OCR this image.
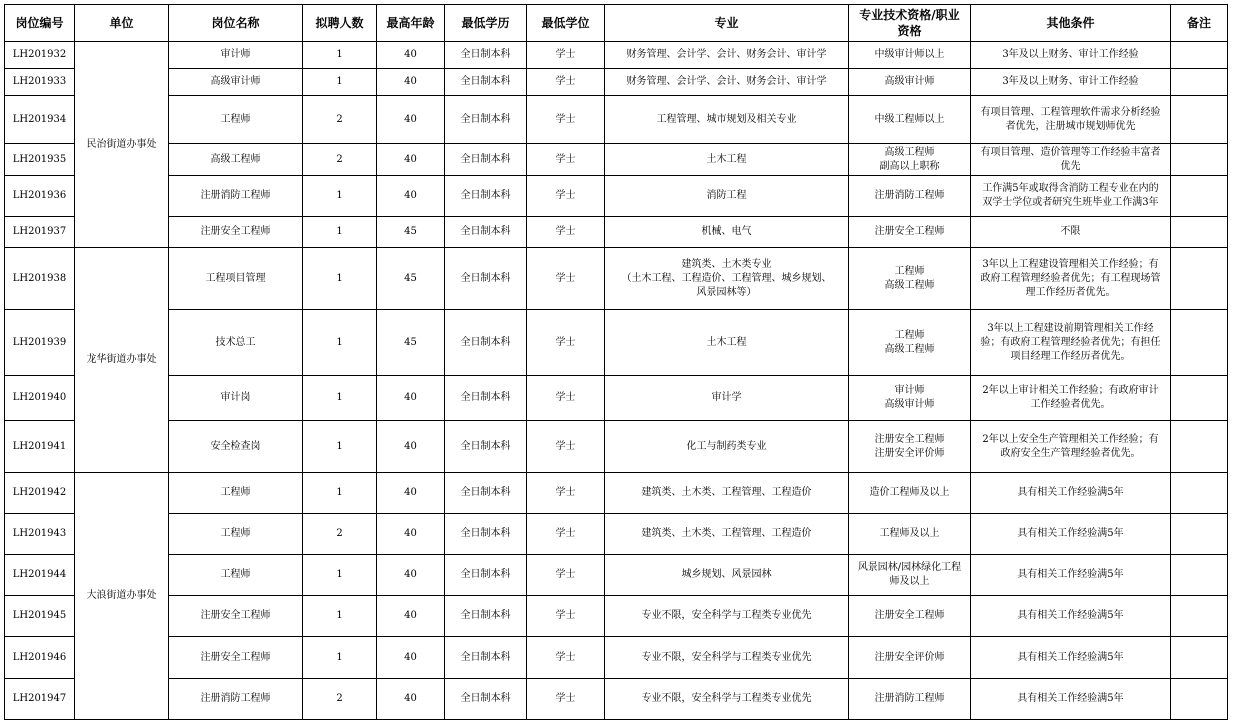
岗位编号	单位	岗位名称	拟聘人数	最高年龄	最低学历	最低学位	专业	专业技术资格/职业
资格	其他条件	备注
LH201932	民治街道办事处	审计师	1	40	全日制本科	学士	财务管理、会计学、会计、财务会计、审计学	中级审计师以上	3年及以上财务、审计工作经验	
LH201933		高级审计师	1	40	全日制本科	学士	财务管理、会计学、会计、财务会计、审计学	高级审计师	3年及以上财务、审计工作经验	
LH201934		工程师	2	40	全日制本科	学士	工程管理、城市规划及相关专业	中级工程师以上	有项目管理、工程管理软件需求分析经验
者优先，注册城市规划师优先	
LH201935		高级工程师	2	40	全日制本科	学士	土木工程	高级工程师
副高以上职称	有项目管理、造价管理等工作经验丰富者
优先	
LH201936		注册消防工程师	1	40	全日制本科	学士	消防工程	注册消防工程师	工作满5年或取得含消防工程专业在内的
双学士学位或者研究生班毕业工作满3年	
LH201937		注册安全工程师	1	45	全日制本科	学士	机械、电气	注册安全工程师	不限	
LH201938	龙华街道办事处	工程项目管理	1	45	全日制本科	学士	建筑类、土木类专业
（土木工程、工程造价、工程管理、城乡规划、
风景园林等）	工程师
高级工程师	3年以上工程建设管理相关工作经验；有
政府工程管理经验者优先；有工程现场管
理工作经历者优先。	
LH201939		技术总工	1	45	全日制本科	学士	土木工程	工程师
高级工程师	3年以上工程建设前期管理相关工作经
验；有政府工程管理经验者优先；有担任
项目经理工作经历者优先。	
LH201940		审计岗	1	40	全日制本科	学士	审计学	审计师
高级审计师	2年以上审计相关工作经验；有政府审计
工作经验者优先。	
LH201941		安全检查岗	1	40	全日制本科	学士	化工与制药类专业	注册安全工程师
注册安全评价师	2年以上安全生产管理相关工作经验；有
政府安全生产管理经验者优先。	
LH201942	大浪街道办事处	工程师	1	40	全日制本科	学士	建筑类、土木类、工程管理、工程造价	造价工程师及以上	具有相关工作经验满5年	
LH201943		工程师	2	40	全日制本科	学士	建筑类、土木类、工程管理、工程造价	工程师及以上	具有相关工作经验满5年	
LH201944		工程师	1	40	全日制本科	学士	城乡规划、风景园林	风景园林/园林绿化工程
师及以上	具有相关工作经验满5年	
LH201945		注册安全工程师	1	40	全日制本科	学士	专业不限，安全科学与工程类专业优先	注册安全工程师	具有相关工作经验满5年	
LH201946		注册安全工程师	1	40	全日制本科	学士	专业不限，安全科学与工程类专业优先	注册安全评价师	具有相关工作经验满5年	
LH201947		注册消防工程师	2	40	全日制本科	学士	专业不限，安全科学与工程类专业优先	注册消防工程师	具有相关工作经验满5年	
